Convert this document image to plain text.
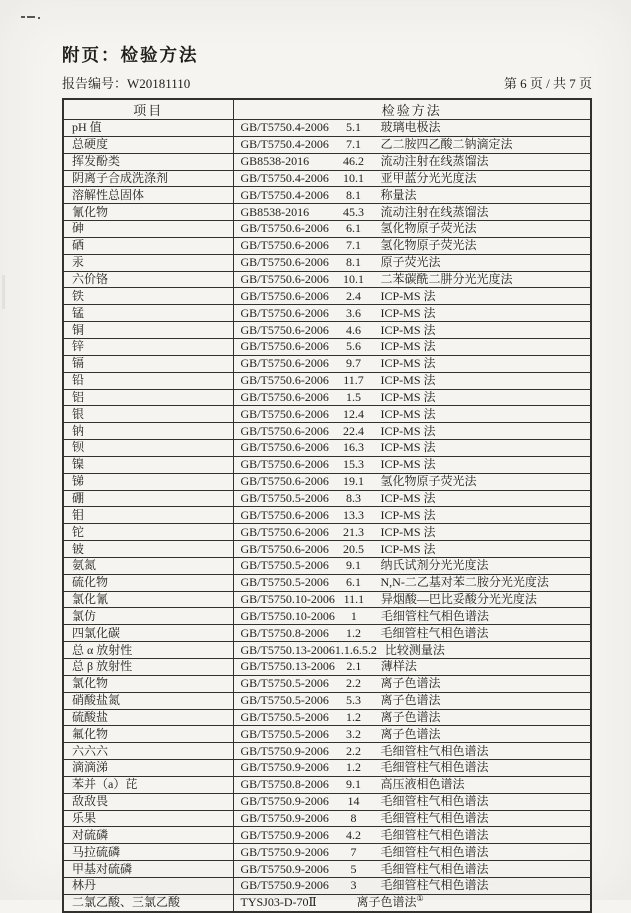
附页：检验方法
报告编号：W20181110	第 6 页 / 共 7 页
项目	检验方法
pH 值	GB/T5750.4-2006 5.1 玻璃电极法
总硬度	GB/T5750.4-2006 7.1 乙二胺四乙酸二钠滴定法
挥发酚类	GB8538-2016 46.2 流动注射在线蒸馏法
阴离子合成洗涤剂	GB/T5750.4-2006 10.1 亚甲蓝分光光度法
溶解性总固体	GB/T5750.4-2006 8.1 称量法
氰化物	GB8538-2016 45.3 流动注射在线蒸馏法
砷	GB/T5750.6-2006 6.1 氢化物原子荧光法
硒	GB/T5750.6-2006 7.1 氢化物原子荧光法
汞	GB/T5750.6-2006 8.1 原子荧光法
六价铬	GB/T5750.6-2006 10.1 二苯碳酰二肼分光光度法
铁	GB/T5750.6-2006 2.4 ICP-MS 法
锰	GB/T5750.6-2006 3.6 ICP-MS 法
铜	GB/T5750.6-2006 4.6 ICP-MS 法
锌	GB/T5750.6-2006 5.6 ICP-MS 法
镉	GB/T5750.6-2006 9.7 ICP-MS 法
铅	GB/T5750.6-2006 11.7 ICP-MS 法
铝	GB/T5750.6-2006 1.5 ICP-MS 法
银	GB/T5750.6-2006 12.4 ICP-MS 法
钠	GB/T5750.6-2006 22.4 ICP-MS 法
钡	GB/T5750.6-2006 16.3 ICP-MS 法
镍	GB/T5750.6-2006 15.3 ICP-MS 法
锑	GB/T5750.6-2006 19.1 氢化物原子荧光法
硼	GB/T5750.5-2006 8.3 ICP-MS 法
钼	GB/T5750.6-2006 13.3 ICP-MS 法
铊	GB/T5750.6-2006 21.3 ICP-MS 法
铍	GB/T5750.6-2006 20.5 ICP-MS 法
氨氮	GB/T5750.5-2006 9.1 纳氏试剂分光光度法
硫化物	GB/T5750.5-2006 6.1 N,N-二乙基对苯二胺分光光度法
氯化氰	GB/T5750.10-2006 11.1 异烟酸—巴比妥酸分光光度法
氯仿	GB/T5750.10-2006 1 毛细管柱气相色谱法
四氯化碳	GB/T5750.8-2006 1.2 毛细管柱气相色谱法
总 α 放射性	GB/T5750.13-20061.1.6.5.2 比较测量法
总 β 放射性	GB/T5750.13-2006 2.1 薄样法
氯化物	GB/T5750.5-2006 2.2 离子色谱法
硝酸盐氮	GB/T5750.5-2006 5.3 离子色谱法
硫酸盐	GB/T5750.5-2006 1.2 离子色谱法
氟化物	GB/T5750.5-2006 3.2 离子色谱法
六六六	GB/T5750.9-2006 2.2 毛细管柱气相色谱法
滴滴涕	GB/T5750.9-2006 1.2 毛细管柱气相色谱法
苯并（a）芘	GB/T5750.8-2006 9.1 高压液相色谱法
敌敌畏	GB/T5750.9-2006 14 毛细管柱气相色谱法
乐果	GB/T5750.9-2006 8 毛细管柱气相色谱法
对硫磷	GB/T5750.9-2006 4.2 毛细管柱气相色谱法
马拉硫磷	GB/T5750.9-2006 7 毛细管柱气相色谱法
甲基对硫磷	GB/T5750.9-2006 5 毛细管柱气相色谱法
林丹	GB/T5750.9-2006 3 毛细管柱气相色谱法
二氯乙酸、三氯乙酸	TYSJ03-D-70Ⅱ 离子色谱法①
